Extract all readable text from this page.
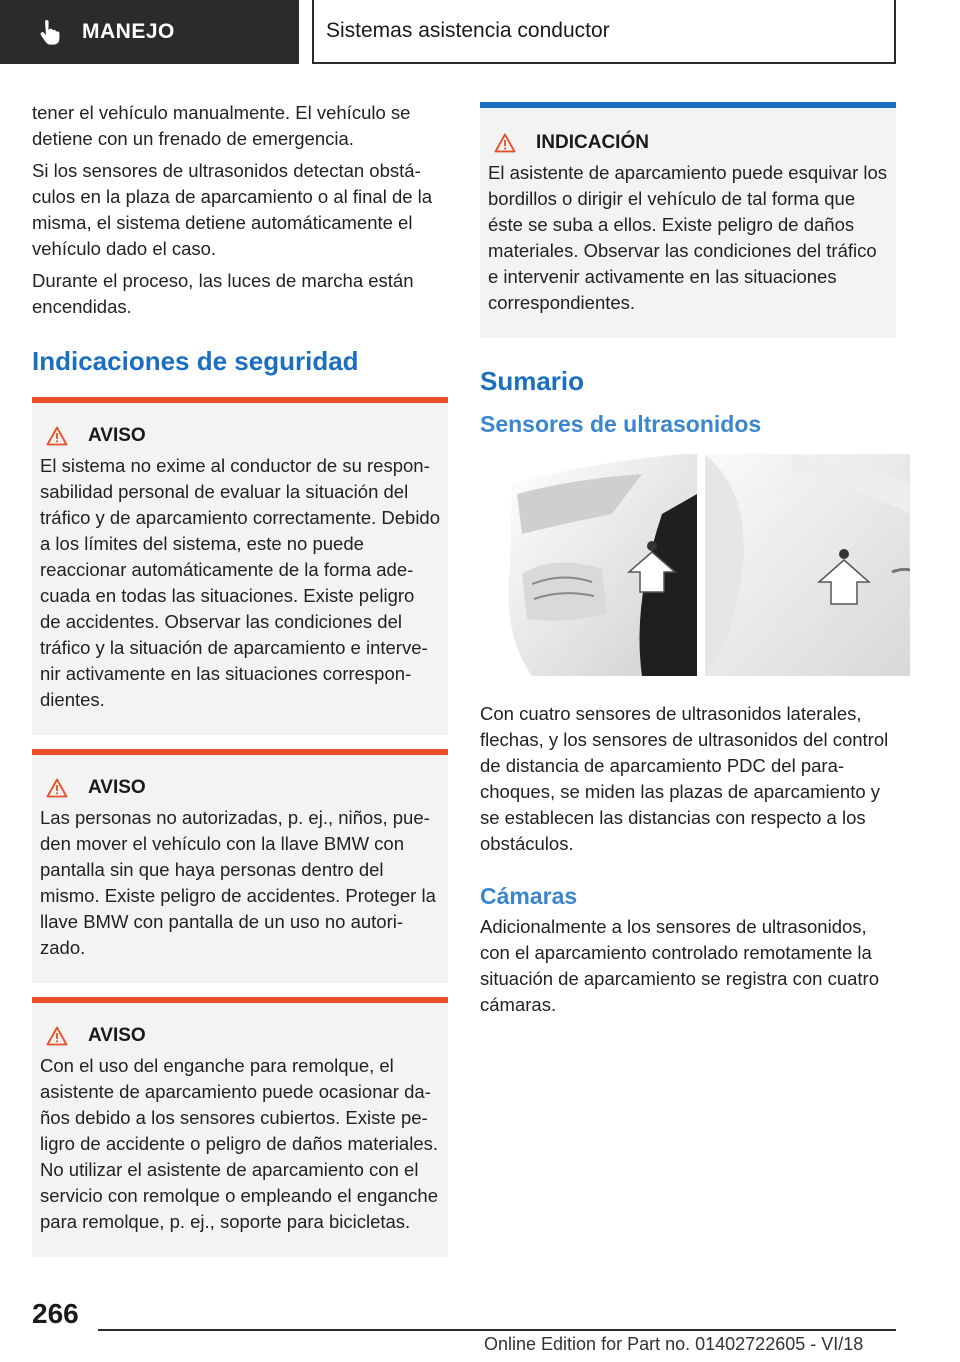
MANEJO	Sistemas asistencia conductor

tener el vehículo manualmente. El vehículo se detiene con un frenado de emergencia.

Si los sensores de ultrasonidos detectan obstáculos en la plaza de aparcamiento o al final de la misma, el sistema detiene automáticamente el vehículo dado el caso.

Durante el proceso, las luces de marcha están encendidas.

Indicaciones de seguridad
AVISO

El sistema no exime al conductor de su responsabilidad personal de evaluar la situación del tráfico y de aparcamiento correctamente. Debido a los límites del sistema, este no puede reaccionar automáticamente de la forma adecuada en todas las situaciones. Existe peligro de accidentes. Observar las condiciones del tráfico y la situación de aparcamiento e intervenir activamente en las situaciones correspondientes.

AVISO

Las personas no autorizadas, p. ej., niños, pueden mover el vehículo con la llave BMW con pantalla sin que haya personas dentro del mismo. Existe peligro de accidentes. Proteger la llave BMW con pantalla de un uso no autorizado.

AVISO

Con el uso del enganche para remolque, el asistente de aparcamiento puede ocasionar daños debido a los sensores cubiertos. Existe peligro de accidente o peligro de daños materiales. No utilizar el asistente de aparcamiento con el servicio con remolque o empleando el enganche para remolque, p. ej., soporte para bicicletas.

INDICACIÓN

El asistente de aparcamiento puede esquivar los bordillos o dirigir el vehículo de tal forma que éste se suba a ellos. Existe peligro de daños materiales. Observar las condiciones del tráfico e intervenir activamente en las situaciones correspondientes.

Sumario
Sensores de ultrasonidos

Con cuatro sensores de ultrasonidos laterales, flechas, y los sensores de ultrasonidos del control de distancia de aparcamiento PDC del parachoques, se miden las plazas de aparcamiento y se establecen las distancias con respecto a los obstáculos.

Cámaras

Adicionalmente a los sensores de ultrasonidos, con el aparcamiento controlado remotamente la situación de aparcamiento se registra con cuatro cámaras.

266
Online Edition for Part no. 01402722605 - VI/18
